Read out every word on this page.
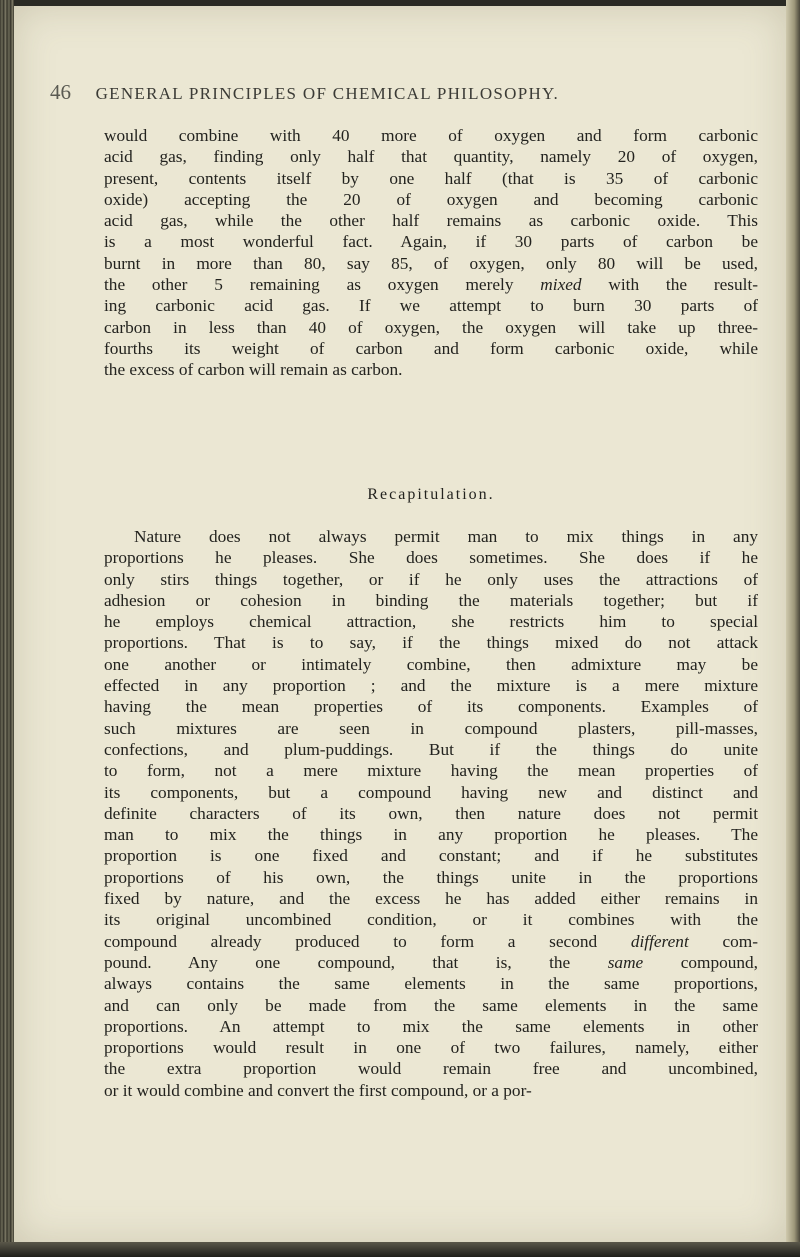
46 GENERAL PRINCIPLES OF CHEMICAL PHILOSOPHY.
would combine with 40 more of oxygen and form carbonic
acid gas, finding only half that quantity, namely 20 of oxygen,
present, contents itself by one half (that is 35 of carbonic
oxide) accepting the 20 of oxygen and becoming carbonic
acid gas, while the other half remains as carbonic oxide. This
is a most wonderful fact. Again, if 30 parts of carbon be
burnt in more than 80, say 85, of oxygen, only 80 will be used,
the other 5 remaining as oxygen merely mixed with the result-
ing carbonic acid gas. If we attempt to burn 30 parts of
carbon in less than 40 of oxygen, the oxygen will take up three-
fourths its weight of carbon and form carbonic oxide, while
the excess of carbon will remain as carbon.
Recapitulation.
Nature does not always permit man to mix things in any
proportions he pleases. She does sometimes. She does if he
only stirs things together, or if he only uses the attractions of
adhesion or cohesion in binding the materials together; but if
he employs chemical attraction, she restricts him to special
proportions. That is to say, if the things mixed do not attack
one another or intimately combine, then admixture may be
effected in any proportion ; and the mixture is a mere mixture
having the mean properties of its components. Examples of
such mixtures are seen in compound plasters, pill-masses,
confections, and plum-puddings. But if the things do unite
to form, not a mere mixture having the mean properties of
its components, but a compound having new and distinct and
definite characters of its own, then nature does not permit
man to mix the things in any proportion he pleases. The
proportion is one fixed and constant; and if he substitutes
proportions of his own, the things unite in the proportions
fixed by nature, and the excess he has added either remains in
its original uncombined condition, or it combines with the
compound already produced to form a second different com-
pound. Any one compound, that is, the same compound,
always contains the same elements in the same proportions,
and can only be made from the same elements in the same
proportions. An attempt to mix the same elements in other
proportions would result in one of two failures, namely, either
the extra proportion would remain free and uncombined,
or it would combine and convert the first compound, or a por-
